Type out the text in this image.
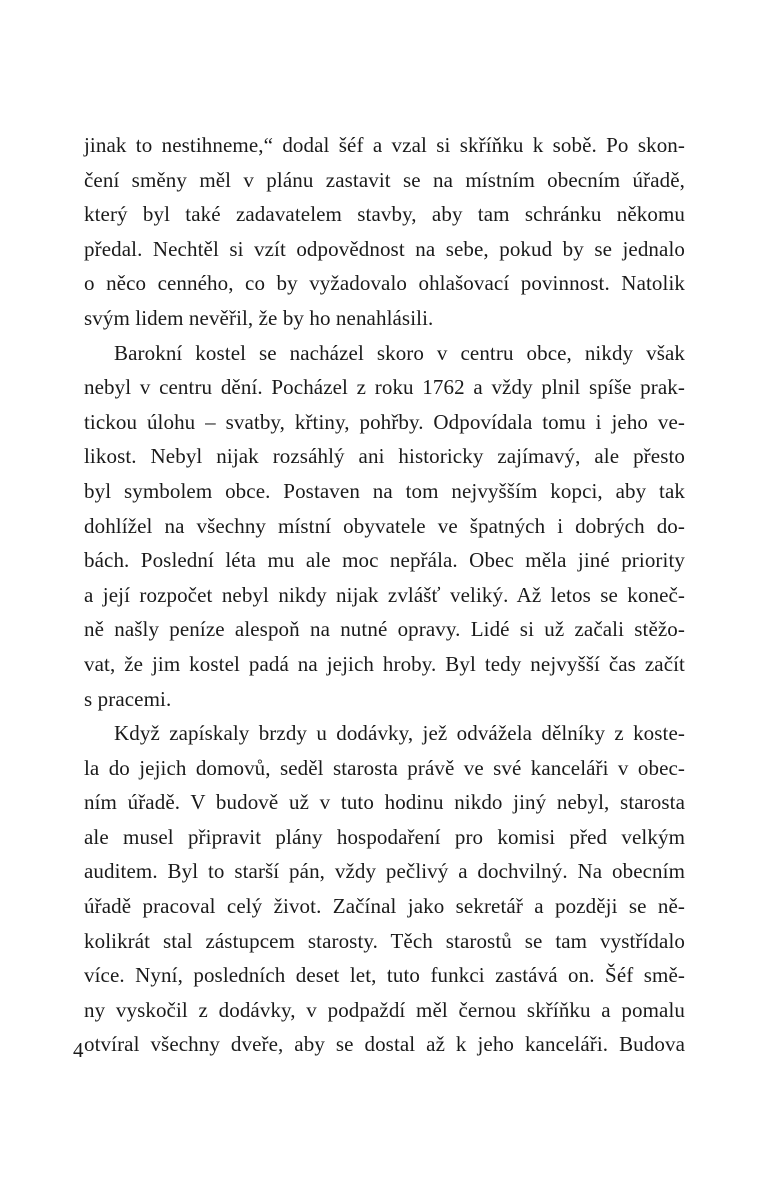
jinak to nestihneme,“ dodal šéf a vzal si skříňku k sobě. Po skon-
čení směny měl v plánu zastavit se na místním obecním úřadě,
který byl také zadavatelem stavby, aby tam schránku někomu
předal. Nechtěl si vzít odpovědnost na sebe, pokud by se jednalo
o něco cenného, co by vyžadovalo ohlašovací povinnost. Natolik
svým lidem nevěřil, že by ho nenahlásili.
Barokní kostel se nacházel skoro v centru obce, nikdy však
nebyl v centru dění. Pocházel z roku 1762 a vždy plnil spíše prak-
tickou úlohu – svatby, křtiny, pohřby. Odpovídala tomu i jeho ve-
likost. Nebyl nijak rozsáhlý ani historicky zajímavý, ale přesto
byl symbolem obce. Postaven na tom nejvyšším kopci, aby tak
dohlížel na všechny místní obyvatele ve špatných i dobrých do-
bách. Poslední léta mu ale moc nepřála. Obec měla jiné priority
a její rozpočet nebyl nikdy nijak zvlášť veliký. Až letos se koneč-
ně našly peníze alespoň na nutné opravy. Lidé si už začali stěžo-
vat, že jim kostel padá na jejich hroby. Byl tedy nejvyšší čas začít
s pracemi.
Když zapískaly brzdy u dodávky, jež odvážela dělníky z koste-
la do jejich domovů, seděl starosta právě ve své kanceláři v obec-
ním úřadě. V budově už v tuto hodinu nikdo jiný nebyl, starosta
ale musel připravit plány hospodaření pro komisi před velkým
auditem. Byl to starší pán, vždy pečlivý a dochvilný. Na obecním
úřadě pracoval celý život. Začínal jako sekretář a později se ně-
kolikrát stal zástupcem starosty. Těch starostů se tam vystřídalo
více. Nyní, posledních deset let, tuto funkci zastává on. Šéf smě-
ny vyskočil z dodávky, v podpaždí měl černou skříňku a pomalu
otvíral všechny dveře, aby se dostal až k jeho kanceláři. Budova
4
